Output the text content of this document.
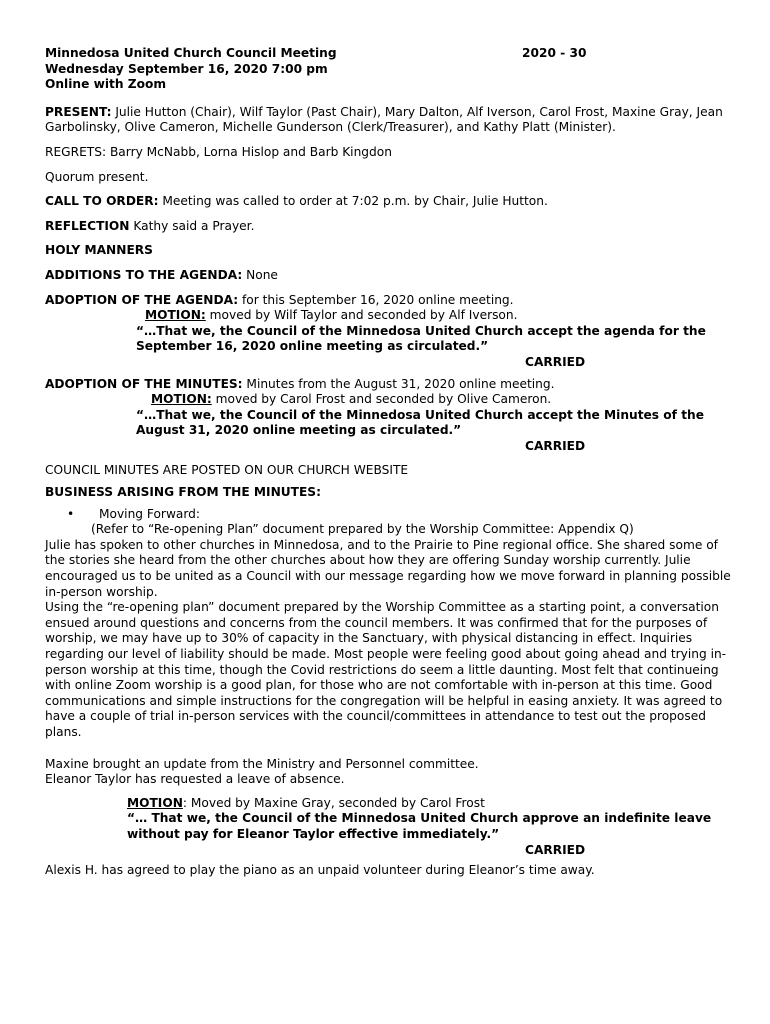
Minnedosa United Church Council Meeting	2020 - 30
Wednesday September 16, 2020 7:00 pm
Online with Zoom

PRESENT: Julie Hutton (Chair), Wilf Taylor (Past Chair), Mary Dalton, Alf Iverson, Carol Frost, Maxine Gray, Jean Garbolinsky, Olive Cameron, Michelle Gunderson (Clerk/Treasurer), and Kathy Platt (Minister).

REGRETS: Barry McNabb, Lorna Hislop and Barb Kingdon

Quorum present.

CALL TO ORDER: Meeting was called to order at 7:02 p.m. by Chair, Julie Hutton.

REFLECTION Kathy said a Prayer.

HOLY MANNERS

ADDITIONS TO THE AGENDA: None

ADOPTION OF THE AGENDA: for this September 16, 2020 online meeting.

MOTION: moved by Wilf Taylor and seconded by Alf Iverson.

“…That we, the Council of the Minnedosa United Church accept the agenda for the September 16, 2020 online meeting as circulated.”

CARRIED

ADOPTION OF THE MINUTES: Minutes from the August 31, 2020 online meeting.

MOTION: moved by Carol Frost and seconded by Olive Cameron.

“…That we, the Council of the Minnedosa United Church accept the Minutes of the August 31, 2020 online meeting as circulated.”

CARRIED

COUNCIL MINUTES ARE POSTED ON OUR CHURCH WEBSITE

BUSINESS ARISING FROM THE MINUTES:

• Moving Forward:

(Refer to “Re-opening Plan” document prepared by the Worship Committee: Appendix Q)

Julie has spoken to other churches in Minnedosa, and to the Prairie to Pine regional office. She shared some of the stories she heard from the other churches about how they are offering Sunday worship currently. Julie encouraged us to be united as a Council with our message regarding how we move forward in planning possible in-person worship.

Using the “re-opening plan” document prepared by the Worship Committee as a starting point, a conversation ensued around questions and concerns from the council members. It was confirmed that for the purposes of worship, we may have up to 30% of capacity in the Sanctuary, with physical distancing in effect. Inquiries regarding our level of liability should be made. Most people were feeling good about going ahead and trying in-person worship at this time, though the Covid restrictions do seem a little daunting. Most felt that continueing with online Zoom worship is a good plan, for those who are not comfortable with in-person at this time. Good communications and simple instructions for the congregation will be helpful in easing anxiety. It was agreed to have a couple of trial in-person services with the council/committees in attendance to test out the proposed plans.

Maxine brought an update from the Ministry and Personnel committee.

Eleanor Taylor has requested a leave of absence.

MOTION: Moved by Maxine Gray, seconded by Carol Frost

“… That we, the Council of the Minnedosa United Church approve an indefinite leave without pay for Eleanor Taylor effective immediately.”

CARRIED

Alexis H. has agreed to play the piano as an unpaid volunteer during Eleanor’s time away.
